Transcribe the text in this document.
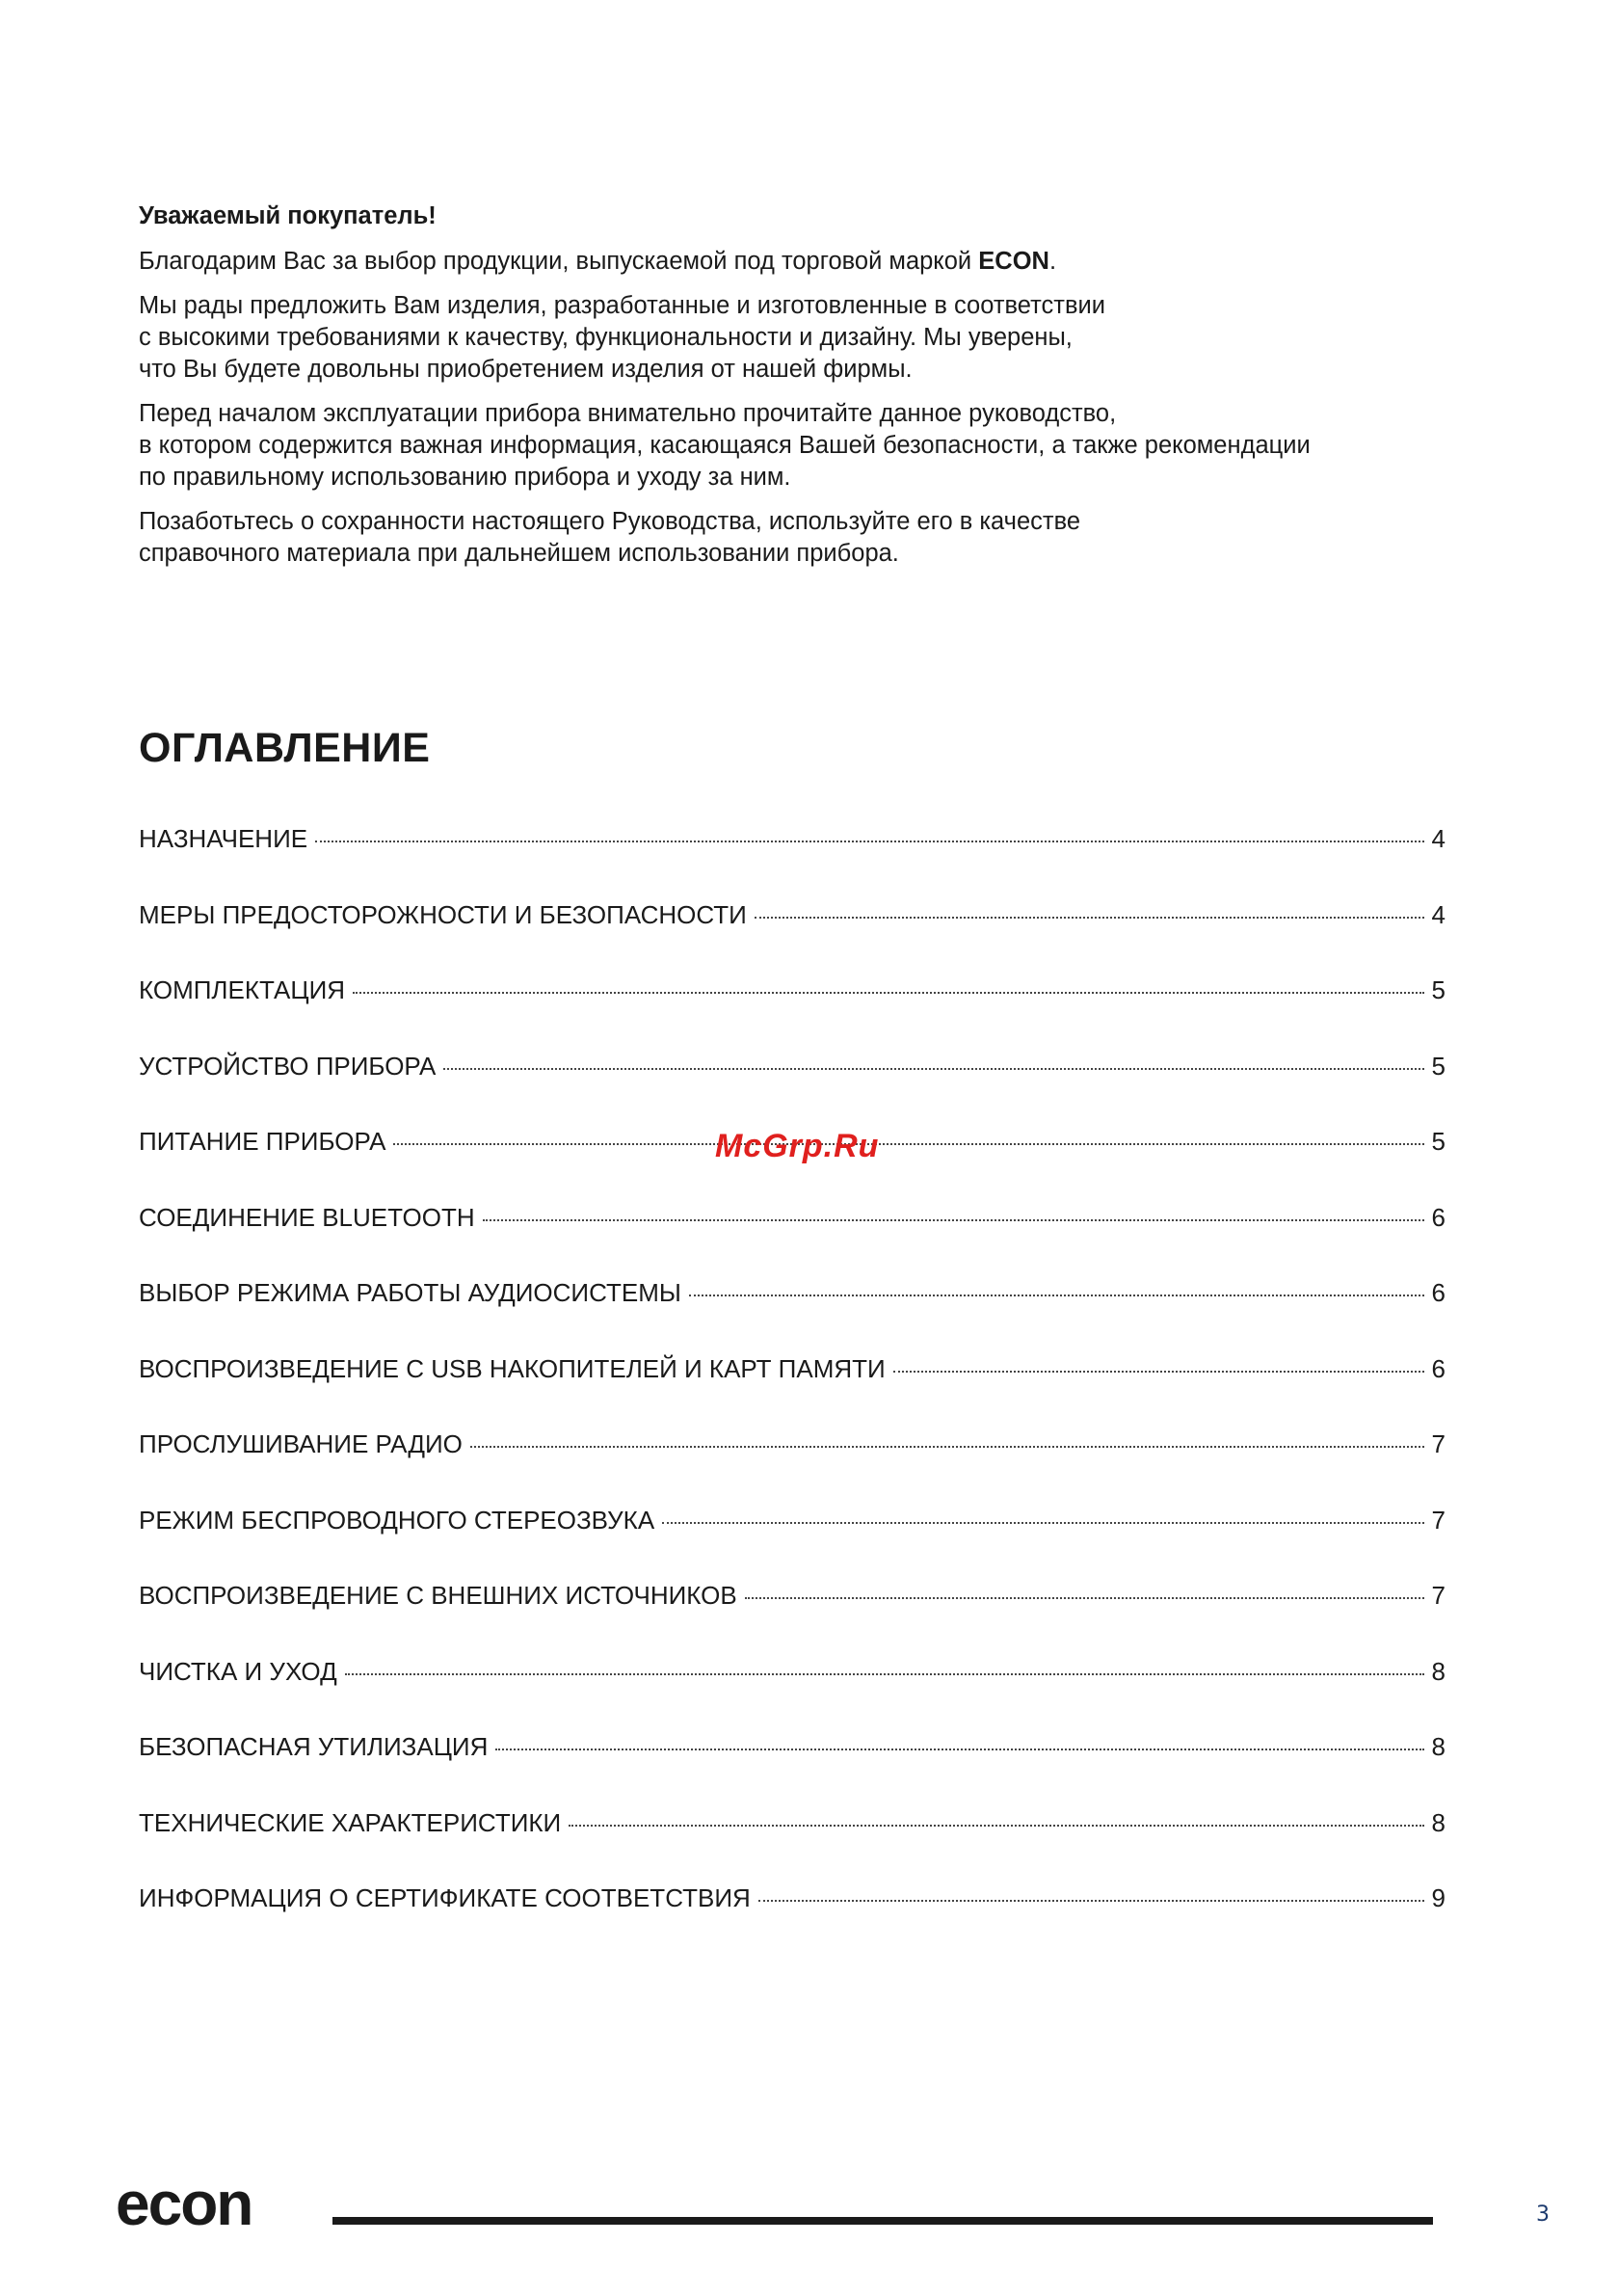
Уважаемый покупатель!

Благодарим Вас за выбор продукции, выпускаемой под торговой маркой ECON.

Мы рады предложить Вам изделия, разработанные и изготовленные в соответствии
с высокими требованиями к качеству, функциональности и дизайну. Мы уверены,
что Вы будете довольны приобретением изделия от нашей фирмы.

Перед началом эксплуатации прибора внимательно прочитайте данное руководство,
в котором содержится важная информация, касающаяся Вашей безопасности, а также рекомендации
по правильному использованию прибора и уходу за ним.

Позаботьтесь о сохранности настоящего Руководства, используйте его в качестве
справочного материала при дальнейшем использовании прибора.

ОГЛАВЛЕНИЕ
НАЗНАЧЕНИЕ	4
МЕРЫ ПРЕДОСТОРОЖНОСТИ И БЕЗОПАСНОСТИ	4
КОМПЛЕКТАЦИЯ	5
УСТРОЙСТВО ПРИБОРА	5
ПИТАНИЕ ПРИБОРА	5
СОЕДИНЕНИЕ BLUETOOTH	6
ВЫБОР РЕЖИМА РАБОТЫ АУДИОСИСТЕМЫ	6
ВОСПРОИЗВЕДЕНИЕ С USB НАКОПИТЕЛЕЙ И КАРТ ПАМЯТИ	6
ПРОСЛУШИВАНИЕ РАДИО	7
РЕЖИМ БЕСПРОВОДНОГО СТЕРЕОЗВУКА	7
ВОСПРОИЗВЕДЕНИЕ С ВНЕШНИХ ИСТОЧНИКОВ	7
ЧИСТКА И УХОД	8
БЕЗОПАСНАЯ УТИЛИЗАЦИЯ	8
ТЕХНИЧЕСКИЕ ХАРАКТЕРИСТИКИ	8
ИНФОРМАЦИЯ О СЕРТИФИКАТЕ СООТВЕТСТВИЯ	9
McGrp.Ru
econ	3
